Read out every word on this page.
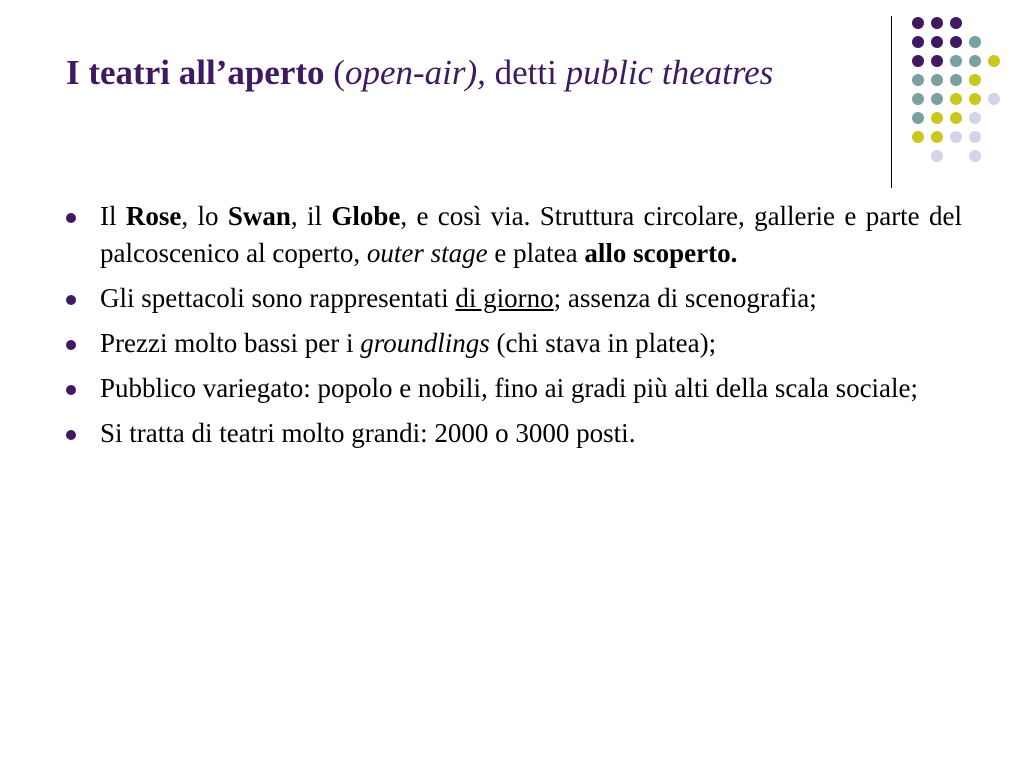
I teatri all’aperto (open-air), detti public theatres
Il Rose, lo Swan, il Globe, e così via. Struttura circolare, gallerie e parte del palcoscenico al coperto, outer stage e platea allo scoperto.
Gli spettacoli sono rappresentati di giorno; assenza di scenografia;
Prezzi molto bassi per i groundlings (chi stava in platea);
Pubblico variegato: popolo e nobili, fino ai gradi più alti della scala sociale;
Si tratta di teatri molto grandi: 2000 o 3000 posti.
